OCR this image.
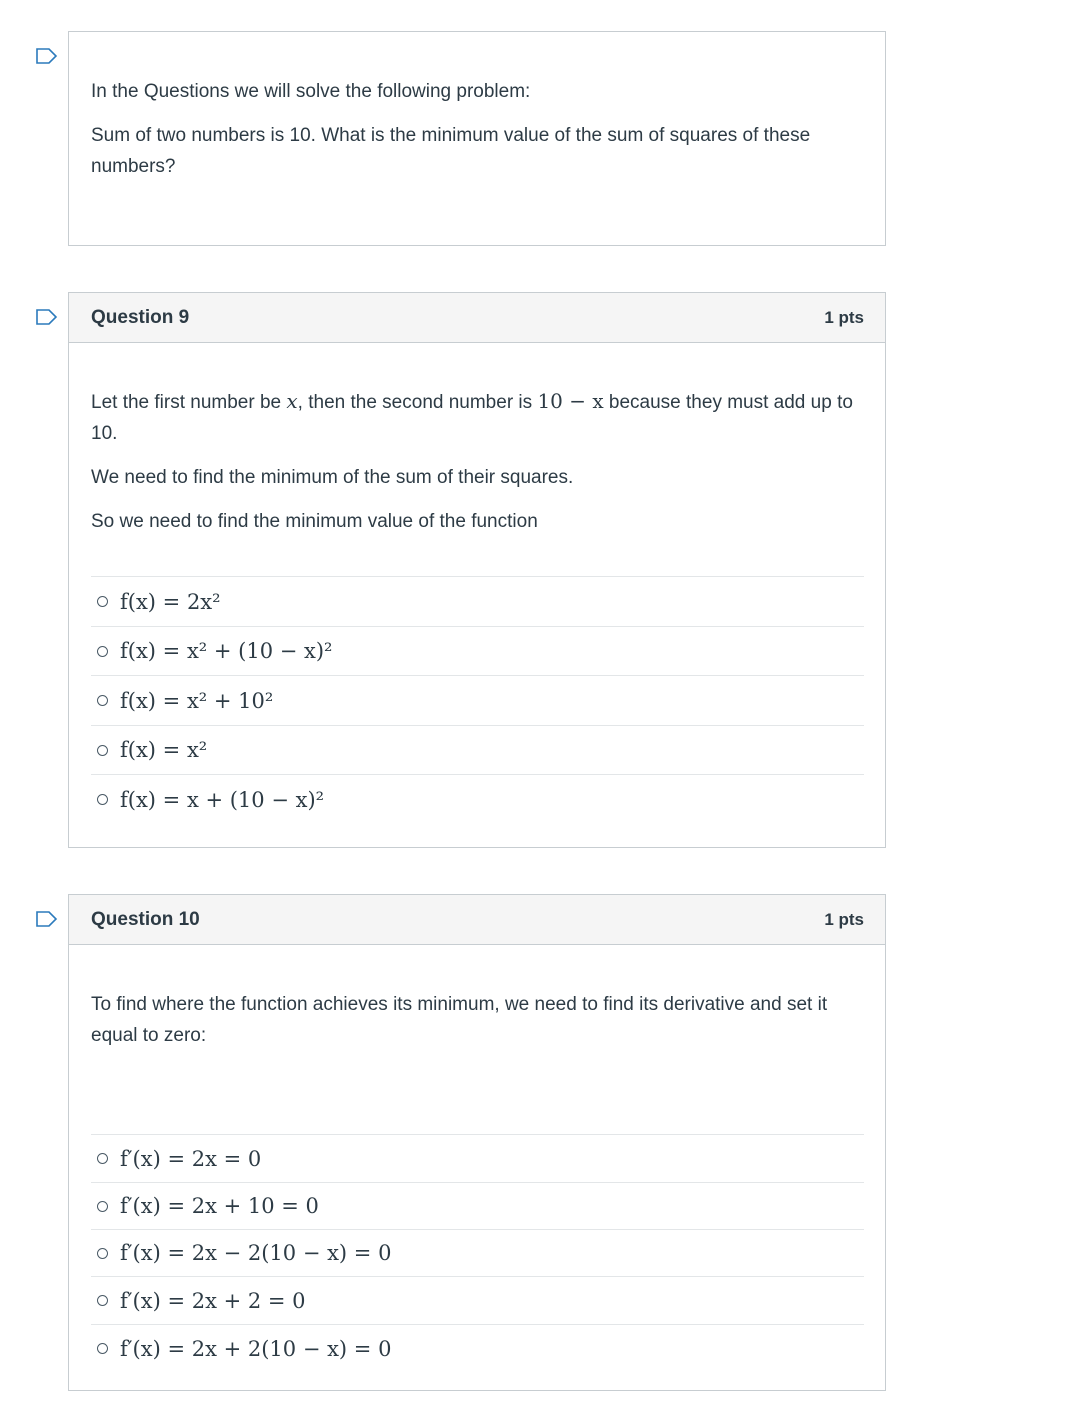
In the Questions we will solve the following problem:

Sum of two numbers is 10. What is the minimum value of the sum of squares of these numbers?

Question 9	1 pts

Let the first number be x, then the second number is 10 − x because they must add up to 10.

We need to find the minimum of the sum of their squares.

So we need to find the minimum value of the function

f(x) = 2x²
f(x) = x² + (10 − x)²
f(x) = x² + 10²
f(x) = x²
f(x) = x + (10 − x)²
Question 10	1 pts

To find where the function achieves its minimum, we need to find its derivative and set it equal to zero:

f′(x) = 2x = 0
f′(x) = 2x + 10 = 0
f′(x) = 2x − 2(10 − x) = 0
f′(x) = 2x + 2 = 0
f′(x) = 2x + 2(10 − x) = 0
